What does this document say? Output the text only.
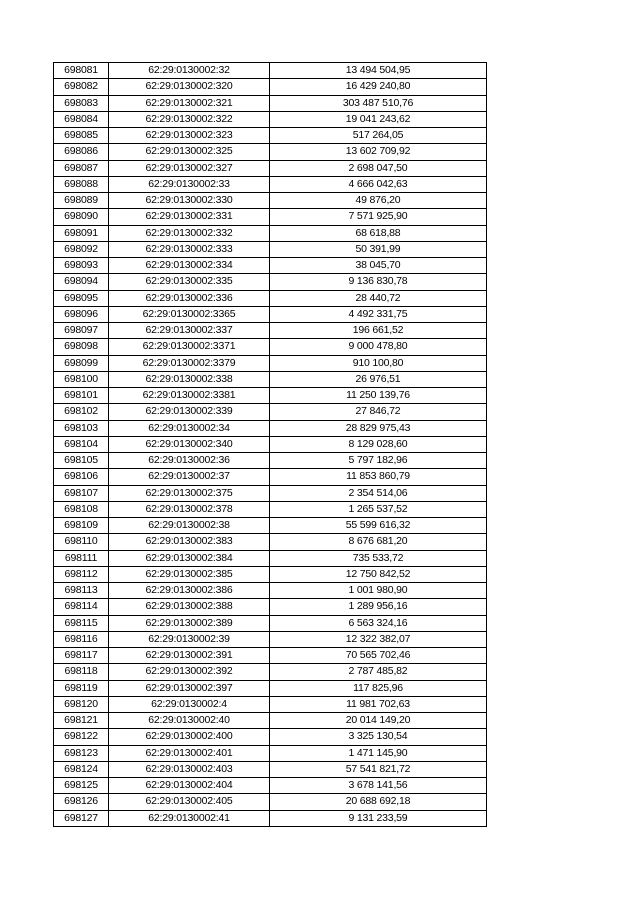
698081	62:29:0130002:32	13 494 504,95
698082	62:29:0130002:320	16 429 240,80
698083	62:29:0130002:321	303 487 510,76
698084	62:29:0130002:322	19 041 243,62
698085	62:29:0130002:323	517 264,05
698086	62:29:0130002:325	13 602 709,92
698087	62:29:0130002:327	2 698 047,50
698088	62:29:0130002:33	4 666 042,63
698089	62:29:0130002:330	49 876,20
698090	62:29:0130002:331	7 571 925,90
698091	62:29:0130002:332	68 618,88
698092	62:29:0130002:333	50 391,99
698093	62:29:0130002:334	38 045,70
698094	62:29:0130002:335	9 136 830,78
698095	62:29:0130002:336	28 440,72
698096	62:29:0130002:3365	4 492 331,75
698097	62:29:0130002:337	196 661,52
698098	62:29:0130002:3371	9 000 478,80
698099	62:29:0130002:3379	910 100,80
698100	62:29:0130002:338	26 976,51
698101	62:29:0130002:3381	11 250 139,76
698102	62:29:0130002:339	27 846,72
698103	62:29:0130002:34	28 829 975,43
698104	62:29:0130002:340	8 129 028,60
698105	62:29:0130002:36	5 797 182,96
698106	62:29:0130002:37	11 853 860,79
698107	62:29:0130002:375	2 354 514,06
698108	62:29:0130002:378	1 265 537,52
698109	62:29:0130002:38	55 599 616,32
698110	62:29:0130002:383	8 676 681,20
698111	62:29:0130002:384	735 533,72
698112	62:29:0130002:385	12 750 842,52
698113	62:29:0130002:386	1 001 980,90
698114	62:29:0130002:388	1 289 956,16
698115	62:29:0130002:389	6 563 324,16
698116	62:29:0130002:39	12 322 382,07
698117	62:29:0130002:391	70 565 702,46
698118	62:29:0130002:392	2 787 485,82
698119	62:29:0130002:397	117 825,96
698120	62:29:0130002:4	11 981 702,63
698121	62:29:0130002:40	20 014 149,20
698122	62:29:0130002:400	3 325 130,54
698123	62:29:0130002:401	1 471 145,90
698124	62:29:0130002:403	57 541 821,72
698125	62:29:0130002:404	3 678 141,56
698126	62:29:0130002:405	20 688 692,18
698127	62:29:0130002:41	9 131 233,59
